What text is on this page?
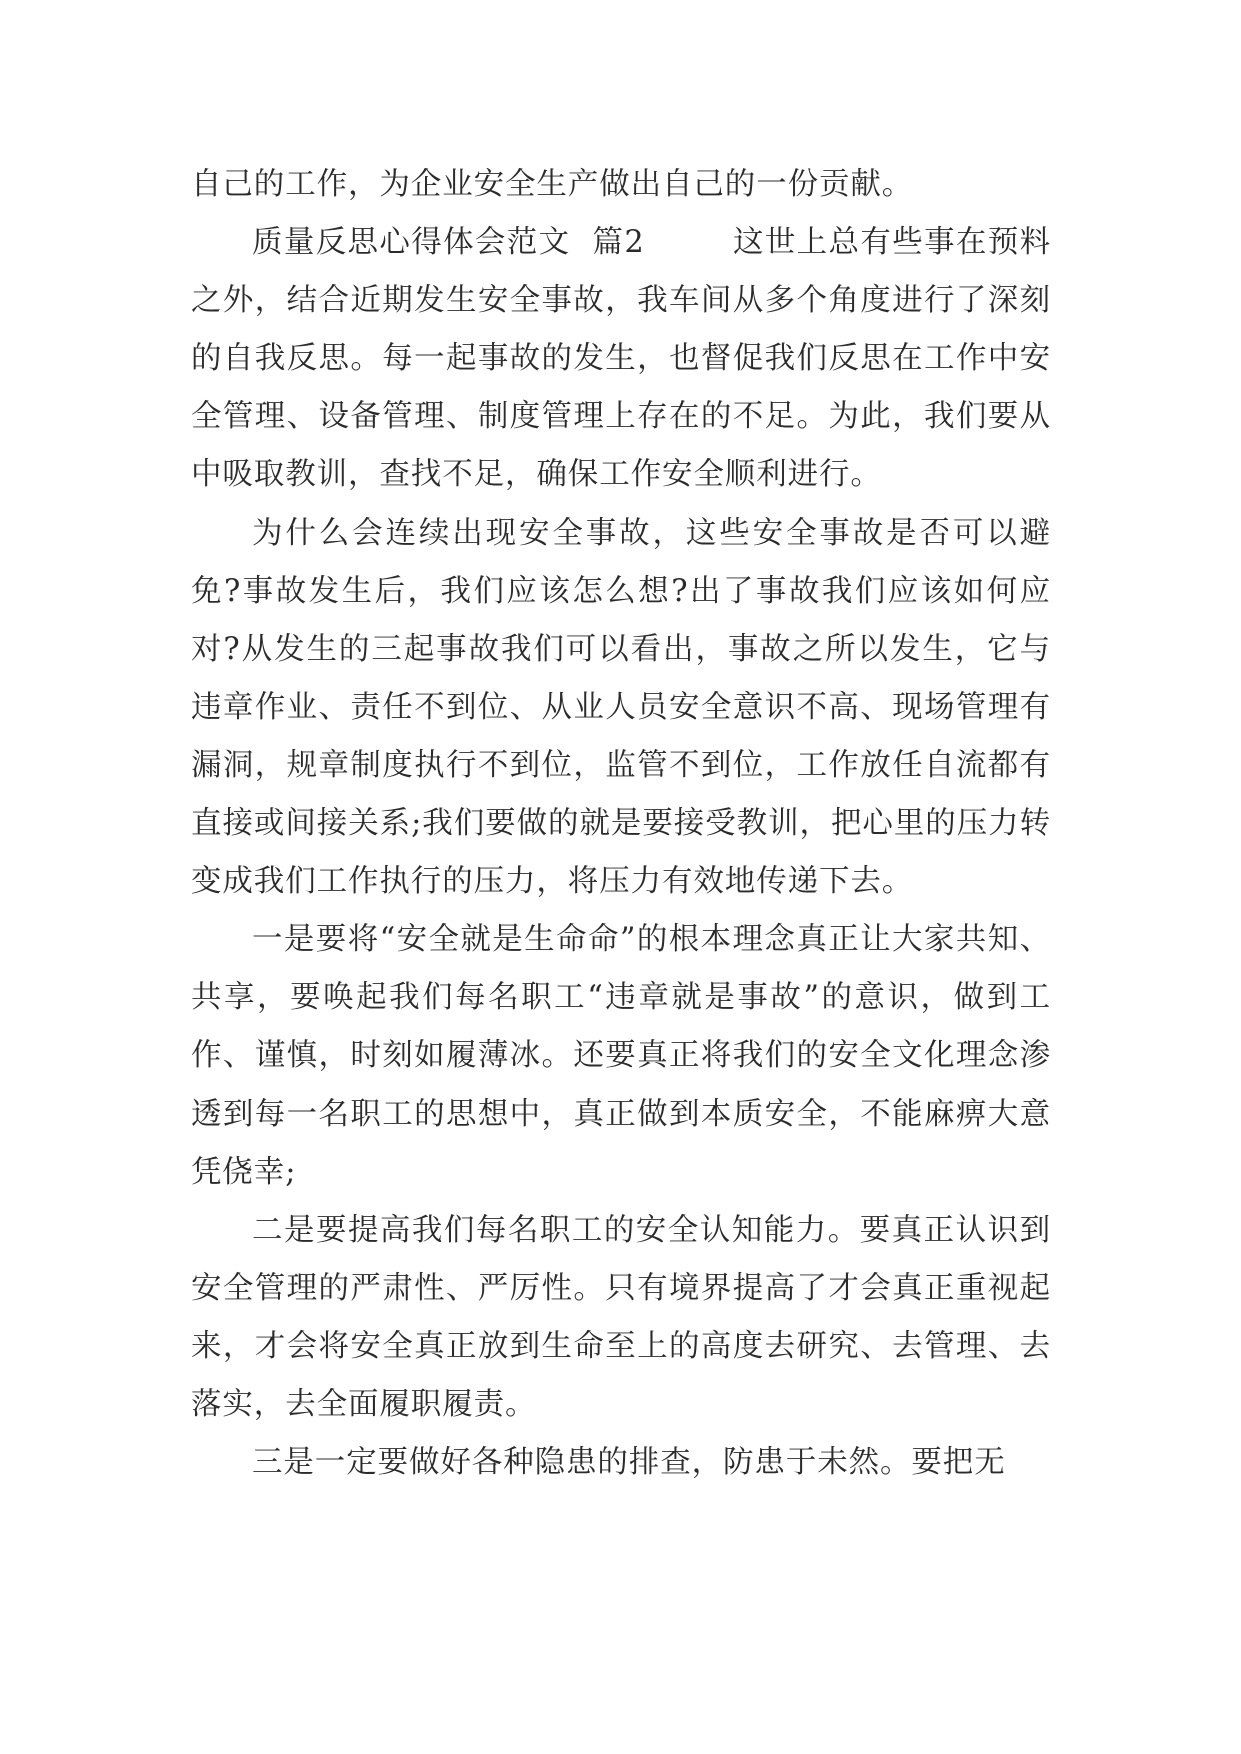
自己的工作，为企业安全生产做出自己的一份贡献。

质量反思心得体会范文  篇2        这世上总有些事在预料之外，结合近期发生安全事故，我车间从多个角度进行了深刻的自我反思。每一起事故的发生，也督促我们反思在工作中安全管理、设备管理、制度管理上存在的不足。为此，我们要从中吸取教训，查找不足，确保工作安全顺利进行。

为什么会连续出现安全事故，这些安全事故是否可以避免?事故发生后，我们应该怎么想?出了事故我们应该如何应对?从发生的三起事故我们可以看出，事故之所以发生，它与违章作业、责任不到位、从业人员安全意识不高、现场管理有漏洞，规章制度执行不到位，监管不到位，工作放任自流都有直接或间接关系;我们要做的就是要接受教训，把心里的压力转变成我们工作执行的压力，将压力有效地传递下去。

一是要将“安全就是生命命”的根本理念真正让大家共知、共享，要唤起我们每名职工“违章就是事故”的意识，做到工作、谨慎，时刻如履薄冰。还要真正将我们的安全文化理念渗透到每一名职工的思想中，真正做到本质安全，不能麻痹大意凭侥幸;

二是要提高我们每名职工的安全认知能力。要真正认识到安全管理的严肃性、严厉性。只有境界提高了才会真正重视起来，才会将安全真正放到生命至上的高度去研究、去管理、去落实，去全面履职履责。

三是一定要做好各种隐患的排查，防患于未然。要把无
